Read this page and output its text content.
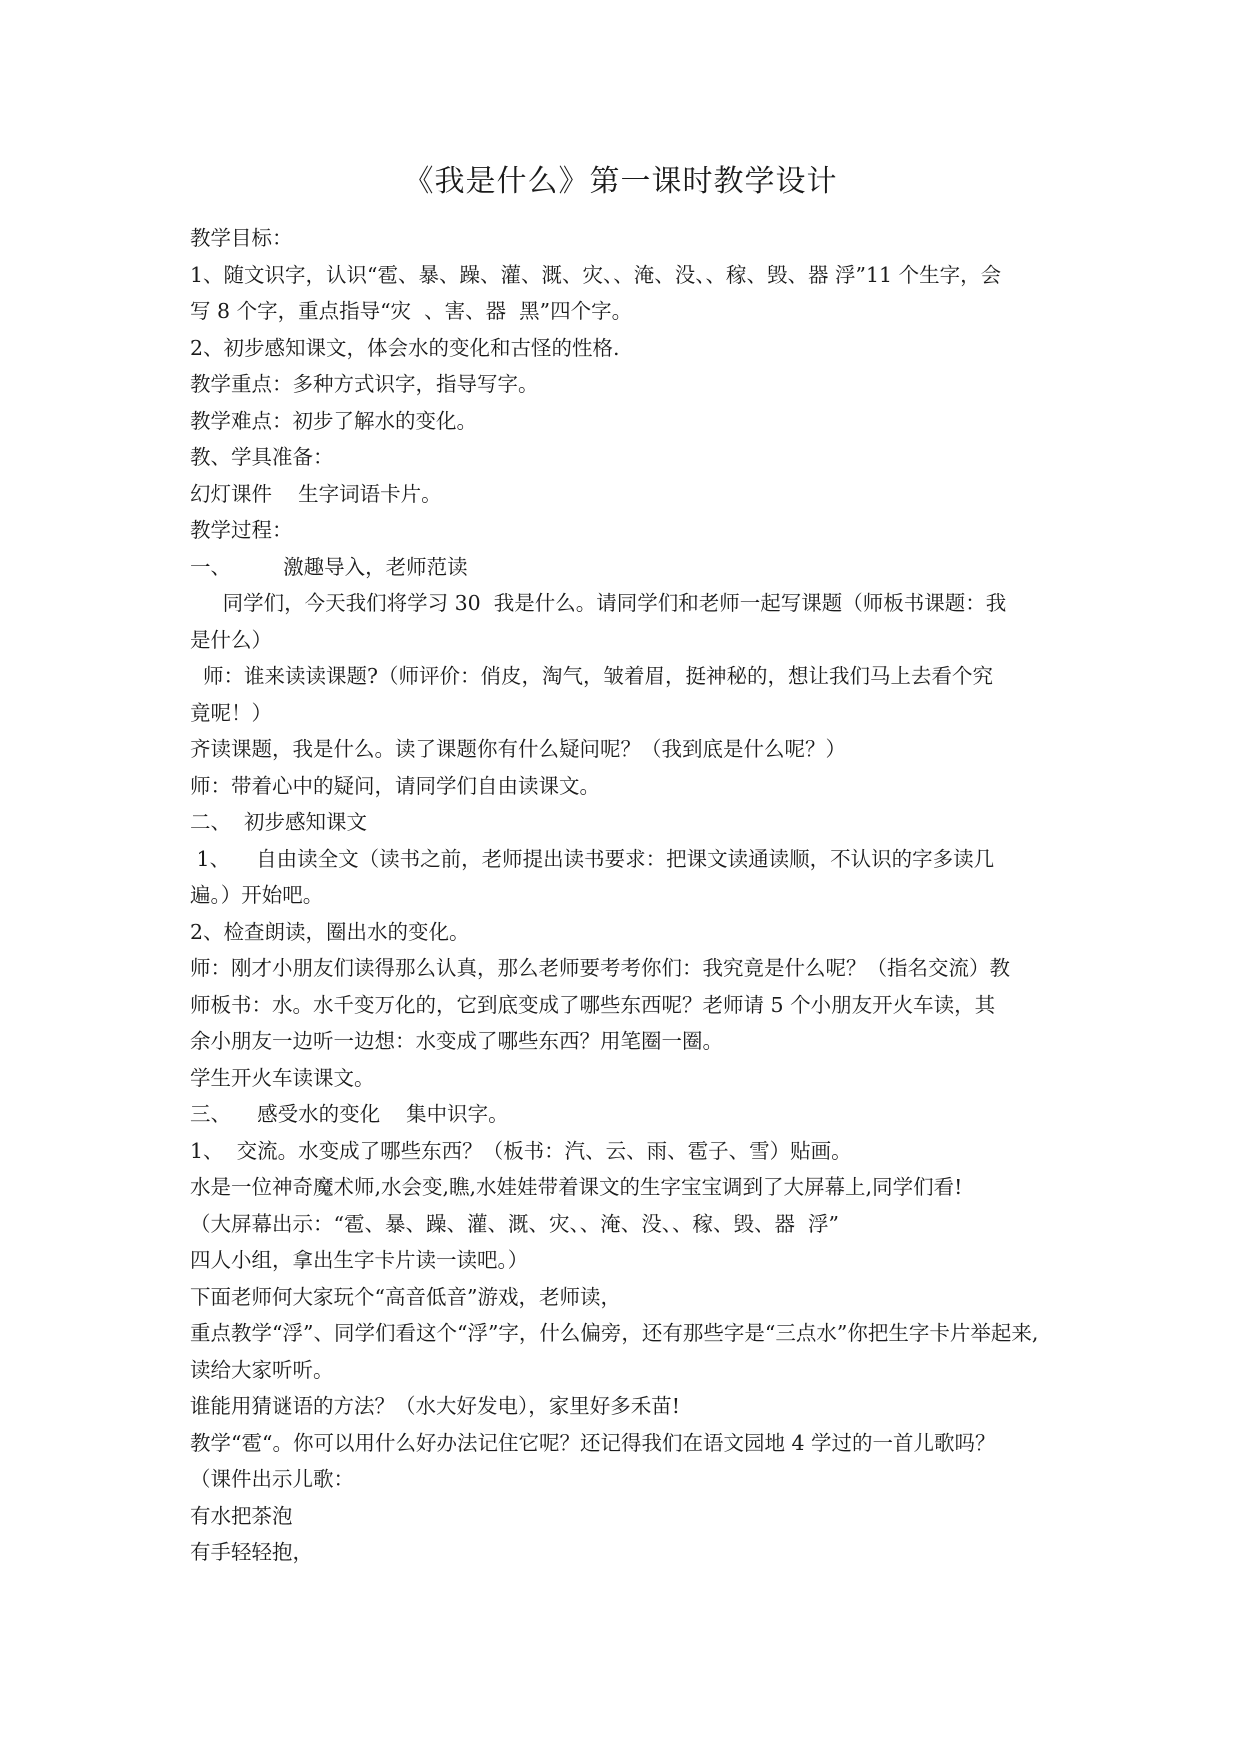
《我是什么》第一课时教学设计

教学目标：

1、随文识字，认识“雹、暴、躁、灌、溉、灾、、淹、没、、稼、毁、器 浮”11 个生字，会

写 8 个字，重点指导“灾  、害、器  黑”四个字。

2、初步感知课文，体会水的变化和古怪的性格.

教学重点：多种方式识字，指导写字。

教学难点：初步了解水的变化。

教、学具准备：

幻灯课件    生字词语卡片。

教学过程：

一、        激趣导入，老师范读

同学们，今天我们将学习 30  我是什么。请同学们和老师一起写课题（师板书课题：我

是什么）

师：谁来读读课题?（师评价：俏皮，淘气，皱着眉，挺神秘的，想让我们马上去看个究

竟呢！）

齐读课题，我是什么。读了课题你有什么疑问呢？（我到底是什么呢？）

师：带着心中的疑问，请同学们自由读课文。

二、  初步感知课文

1、    自由读全文（读书之前，老师提出读书要求：把课文读通读顺，不认识的字多读几

遍。）开始吧。

2、检查朗读，圈出水的变化。

师：刚才小朋友们读得那么认真，那么老师要考考你们：我究竟是什么呢？（指名交流）教

师板书：水。水千变万化的，它到底变成了哪些东西呢？老师请 5 个小朋友开火车读，其

余小朋友一边听一边想：水变成了哪些东西？用笔圈一圈。

学生开火车读课文。

三、    感受水的变化    集中识字。

1、  交流。水变成了哪些东西？（板书：汽、云、雨、雹子、雪）贴画。

水是一位神奇魔术师,水会变,瞧,水娃娃带着课文的生字宝宝调到了大屏幕上,同学们看!

（大屏幕出示：“雹、暴、躁、灌、溉、灾、、淹、没、、稼、毁、器  浮”

四人小组，拿出生字卡片读一读吧。）

下面老师何大家玩个“高音低音”游戏，老师读，

重点教学“浮”、同学们看这个“浮”字，什么偏旁，还有那些字是“三点水”你把生字卡片举起来,

读给大家听听。

谁能用猜谜语的方法？（水大好发电），家里好多禾苗!

教学“雹“。你可以用什么好办法记住它呢？还记得我们在语文园地 4 学过的一首儿歌吗？

（课件出示儿歌：

有水把茶泡

有手轻轻抱，
